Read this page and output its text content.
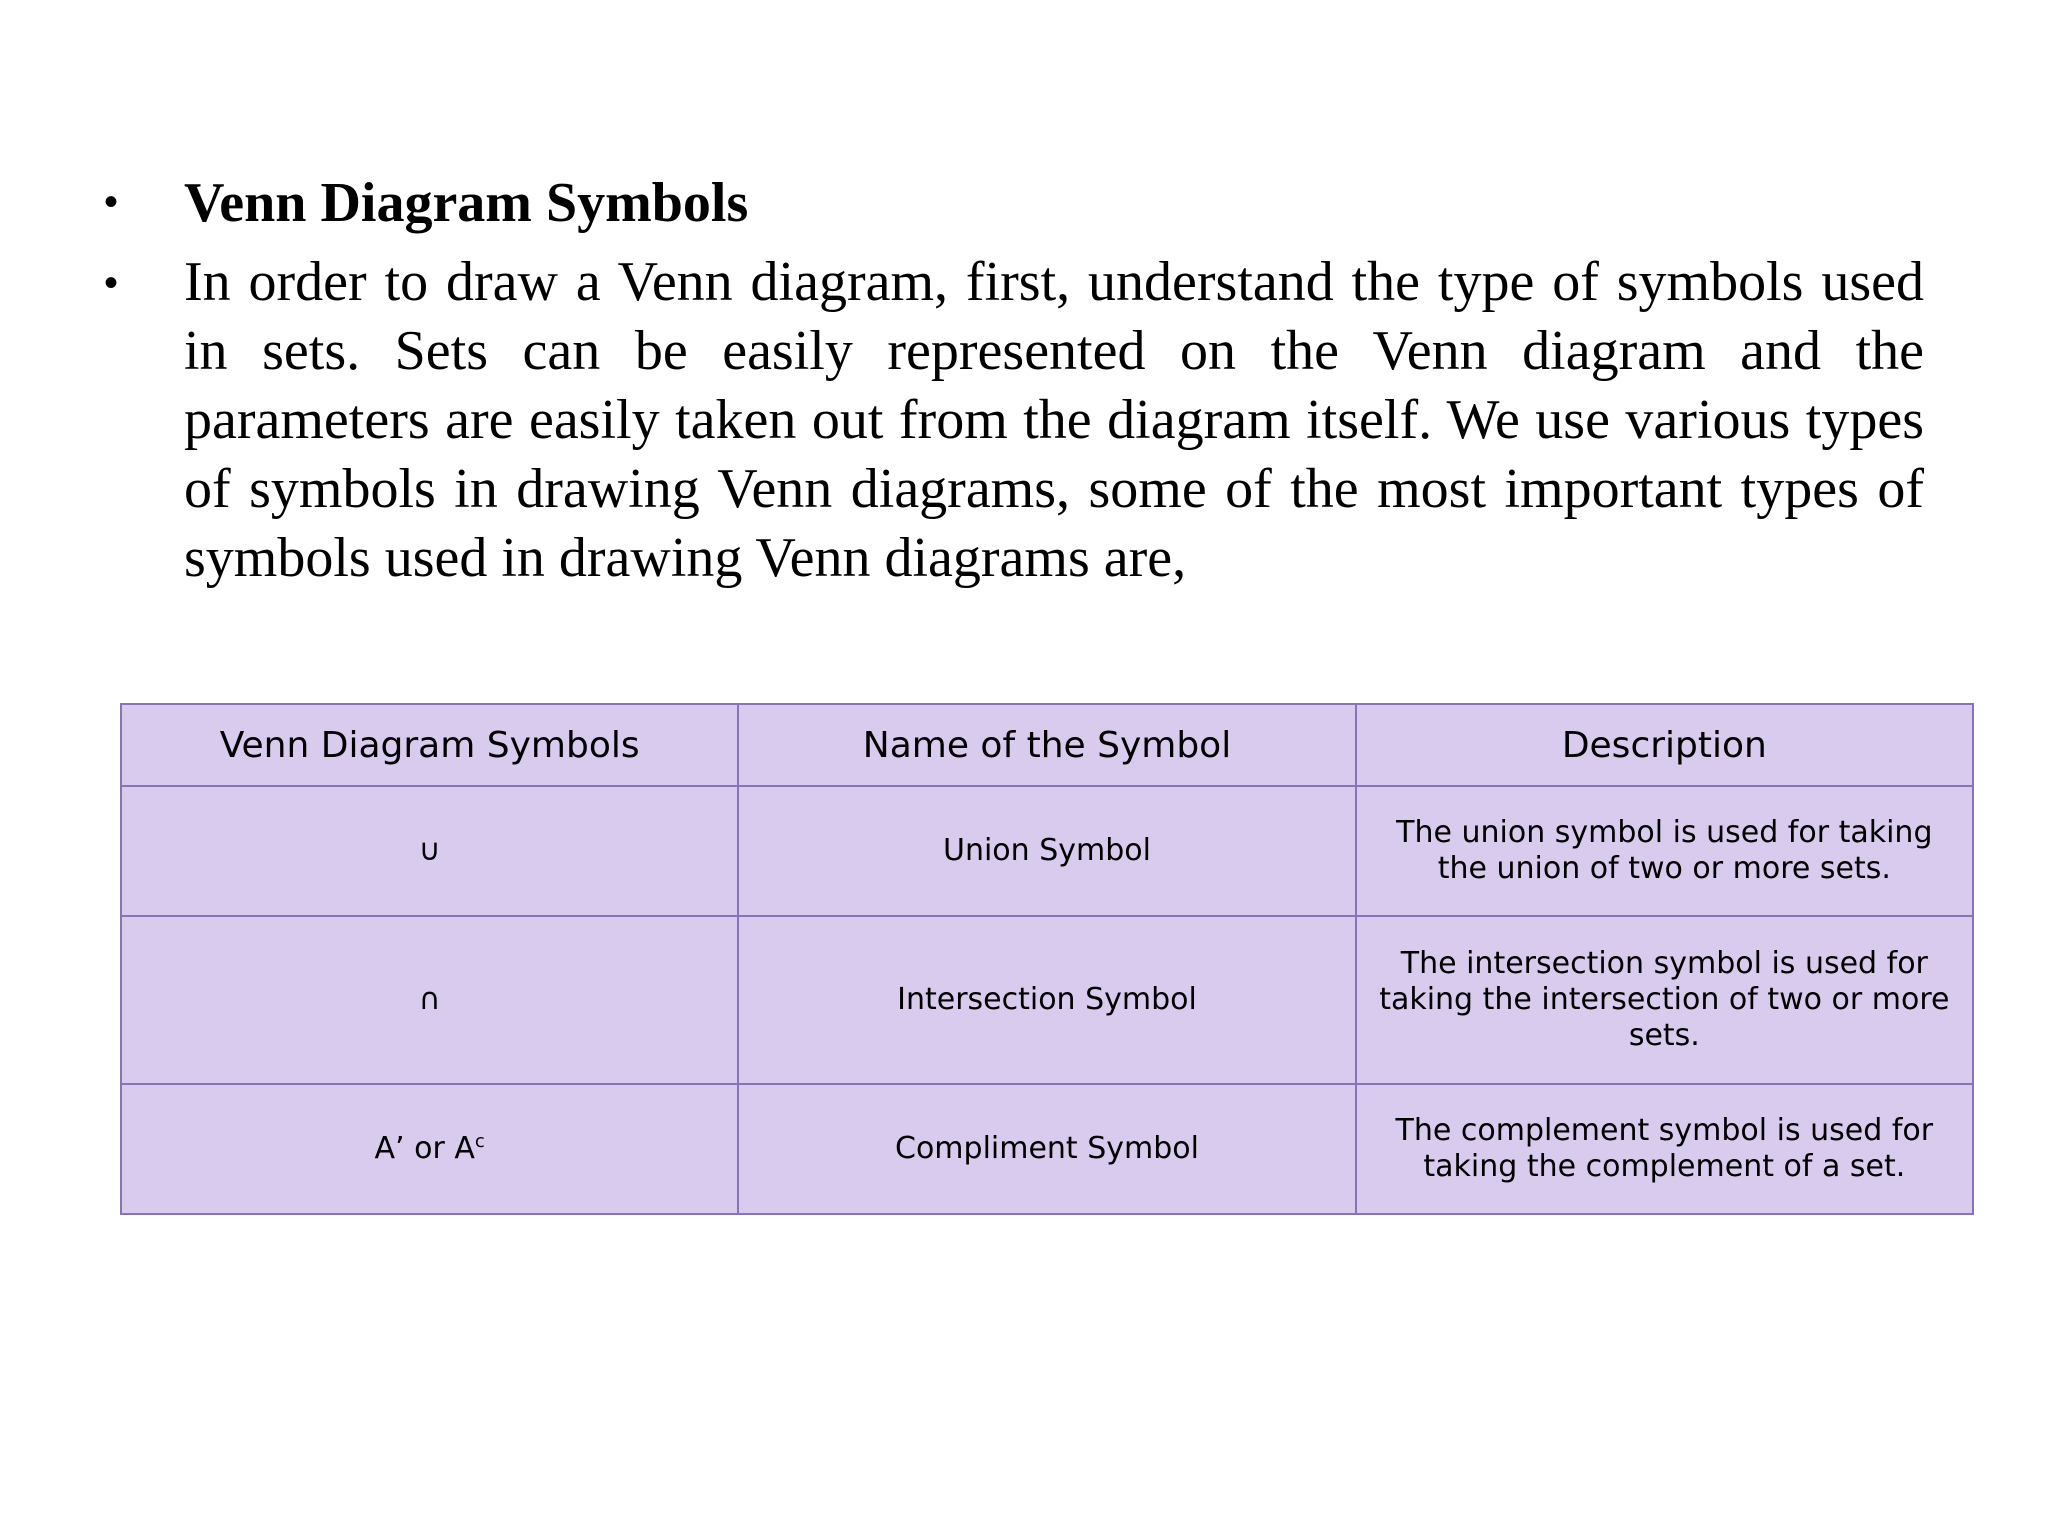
• Venn Diagram Symbols
• In order to draw a Venn diagram, first, understand the type of symbols used in sets. Sets can be easily represented on the Venn diagram and the parameters are easily taken out from the diagram itself. We use various types of symbols in drawing Venn diagrams, some of the most important types of symbols used in drawing Venn diagrams are,
Venn Diagram Symbols	Name of the Symbol	Description
∪	Union Symbol	The union symbol is used for taking the union of two or more sets.
∩	Intersection Symbol	The intersection symbol is used for taking the intersection of two or more sets.
A’ or $A^c$	Compliment Symbol	The complement symbol is used for taking the complement of a set.
